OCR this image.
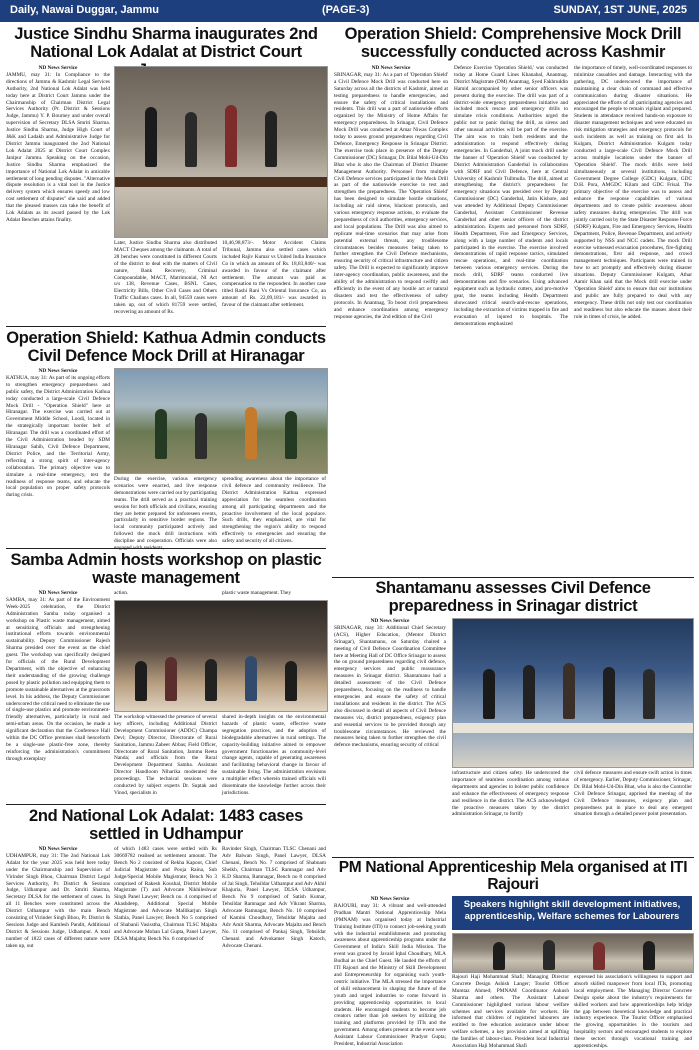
Daily, Nawai Duggar, Jammu	(PAGE-3)	SUNDAY, 1ST JUNE, 2025
Justice Sindhu Sharma inaugurates 2nd National Lok Adalat at District Court

ND News Service

JAMMU, may 31: In Compliance to the directions of Jammu & Kashmir Legal Services Authority, 2nd National Lok Adalat was held today here at District Court Jammu under the Chairmanship of Chairman District Legal Services Authority (Pr. District & Sessions Judge, Jammu) Y. P. Bourney and under overall supervision of Secretary DLSA Smriti Sharma. Justice Sindhu Sharma, Judge High Court of J&K and Ladakh and Administrative Judge for District Jammu inaugurated the 2nd National Lok Adalat 2025 at District Court Complex Janipur Jammu. Speaking on the occasion, Justice Sindhu Sharma emphasized the importance of National Lok Adalat in amicable settlement of long pending disputes. "Alternative dispute resolution is a vital tool in the Justice delivery system which ensures speedy and low cost settlement of disputes" she said and added that the pleased masses can take the benefit of Lok Adalats as its award passed by the Lok Adalat Benches attains finality.

Later, Justice Sindhu Sharma also distributed MACT Cheques among the claimants. A total of 28 benches were constituted in different Courts of the district to deal with the matters of Civil nature, Bank Recovery, Criminal Compoundable, MACT, Matrimonial, NI Act u/s 138, Revenue Cases, BSNL Cases, Electricity Bills, Other Civil Cases and Others Traffic Challans cases. In all, 94559 cases were taken up, out of which 81759 were settled, recovering an amount of Rs.

10,46,98,873/-. Motor Accident Claims Tribunal, Jammu also settled cases which included Rajiv Kumar vs United India Insurance Co in which an amount of Rs. 18,83,840/- was awarded in favour of the claimant after settlement. The amount was paid as compensation to the respondent. In another case titled Rashi Rani Vs Oriental Insurance Co, an amount of Rs. 22,09,181/- was awarded in favour of the claimant after settlement.

Operation Shield: Comprehensive Mock Drill successfully conducted across Kashmir

ND News Service

SRINAGAR, may 31: As a part of 'Operation Shield' a Civil Defence Mock Drill was conducted here on Saturday across all the districts of Kashmir, aimed at testing preparedness to handle emergencies, and ensure the safety of critical installations and residents. This drill was a part of nationwide efforts organized by the Ministry of Home Affairs for emergency preparedness. In Srinagar, Civil Defence Mock Drill was conducted at Amar Niwas Complex today to assess ground preparedness regarding Civil Defence, Emergency Response in Srinagar District. The exercise took place in presence of the Deputy Commissioner (DC) Srinagar, Dr. Bilal Mohi-Ud-Din Bhat who is also the Chairman of District Disaster Management Authority. Personnel from multiple Civil Defence services participated in the Mock Drill as part of the nationwide exercise to test and strengthen the preparedness. The 'Operation Shield' has been designed to simulate hostile situations, including air raid sirens, blackout protocols, and various emergency response actions, to evaluate the preparedness of civil authorities, emergency services, and local populations. The Drill was also aimed to replicate real-time scenarios that may arise from potential external threats, any troublesome circumstances besides measures being taken to further strengthen the Civil Defence mechanisms, ensuring security of critical infrastructure and citizen safety. The Drill is expected to significantly improve inter-agency coordination, public awareness, and the ability of the administration to respond swiftly and efficiently in the event of any hostile act or natural disasters and test the effectiveness of safety protocols. In Anantnag, To boost civil preparedness and enhance coordination among emergency response agencies, the 2nd edition of the Civil

Defence Exercise 'Operation Shield,' was conducted today at Home Guard Lines Khanabal, Anantnag. District Magistrate (DM) Anantnag, Syed Fakhruddin Hamid accompanied by other senior officers was present during the exercise. The drill was part of a district-wide emergency preparedness initiative and included mock rescue and emergency drills to simulate crisis conditions. Authorities urged the public not to panic during the drill, as sirens and other unusual activities will be part of the exercise. The aim was to train both residents and the administration to respond effectively during emergencies. In Ganderbal, A joint mock drill under the banner of 'Operation Shield' was conducted by District Administration Ganderbal in collaboration with SDRF and Civil Defence, here at Central University of Kashmir Tullmulla. The drill, aimed at strengthening the district's preparedness for emergency situations was presided over by Deputy Commissioner (DC) Ganderbal, Jatin Kishore, and was attended by Additional Deputy Commissioner Ganderbal, Assistant Commissioner Revenue Ganderbal and other senior officers of the district administration. Experts and personnel from SDRF, Health Department, Fire and Emergency Services, along with a large number of students and locals participated in the exercise. The exercise involved demonstrations of rapid response tactics, simulated rescue operations, and real-time coordination between various emergency services. During the mock drill, SDRF teams conducted live demonstrations and fire scenarios. Using advanced equipment such as hydraulic cutters, and pro-motive gear, the teams including Health Department showcased critical search-and-rescue operations, including the extraction of victims trapped in fire and evacuation of injured to hospitals. The demonstrations emphasized

the importance of timely, well-coordinated responses to minimize casualties and damage. Interacting with the gathering, DC underscored the importance of maintaining a clear chain of command and effective communication during disaster situations. He appreciated the efforts of all participating agencies and encouraged the people to remain vigilant and prepared. Students in attendance received hands-on exposure to disaster management techniques and were educated on risk mitigation strategies and emergency protocols for such incidents as well as training on first aid. In Kulgam, District Administration Kulgam today conducted a large-scale Civil Defence Mock Drill across multiple locations under the banner of 'Operation Shield'. The mock drills were held simultaneously at several institutions, including Government Degree College (GDC) Kulgam, GDC D.H. Pora, AMGDC Kilam and GDC Frisal. The primary objective of the exercise was to assess and enhance the response capabilities of various departments and to create public awareness about safety measures during emergencies. The drill was jointly carried out by the State Disaster Response Force (SDRF) Kulgam, Fire and Emergency Services, Health Department, Police, Revenue Department, and actively supported by NSS and NCC cadets. The mock Drill exercise witnessed evacuation procedures, fire-fighting demonstrations, first aid response, and crowd management techniques. Participants were trained in how to act promptly and effectively during disaster situations. Deputy Commissioner Kulgam, Athar Aamir Khan said that the Mock drill exercise under 'Operation Shield' aims to ensure that our institutions and public are fully prepared to deal with any emergency. These drills not only test our coordination and readiness but also educate the masses about their role in times of crisis, he added.

Operation Shield: Kathua Admin conducts Civil Defence Mock Drill at Hiranagar

ND News Service

KATHUA, may 31: As part of its ongoing efforts to strengthen emergency preparedness and public safety, the District Administration Kathua today conducted a large-scale Civil Defence Mock Drill - "Operation Shield" here at Hiranagar. The exercise was carried out at Government Middle School, Loodi, located in the strategically important border belt of Hiranagar. The drill was a coordinated effort of the Civil Administration headed by SDM Hiranagar Sahib, Civil Defence Department, District Police, and the Territorial Army, reflecting a strong spirit of inter-agency collaboration. The primary objective was to simulate a real-time emergency, test the readiness of response teams, and educate the local population on proper safety protocols during crisis.

During the exercise, various emergency scenarios were enacted, and live response demonstrations were carried out by participating teams. The drill served as a practical training session for both officials and civilians, ensuring they are better prepared for unforeseen events, particularly in sensitive border regions. The local community participated actively and followed the mock drill instructions with discipline and cooperation. Officials were also

spreading awareness about the importance of civil defence and community resilience. The District Administration Kathua expressed appreciation for the seamless coordination among all participating departments and the proactive involvement of the local populace. Such drills, they emphasized, are vital for strengthening the region's ability to respond effectively to emergencies and ensuring the safety and security of all citizens.

Shantamanu assesses Civil Defence preparedness in Srinagar district

ND News Service

SRINAGAR, may 31: Additional Chief Secretary (ACS), Higher Education, (Mentor District Srinagar), Shantamanu, on Saturday chaired a meeting of Civil Defence Coordination Committee here at Meeting Hall of DC Office Srinagar to assess the on ground preparedness regarding civil defence, emergency services and public reassurance measures in Srinagar district. Shantamanu had a detailed assessment of the Civil Defence preparedness, focusing on the readiness to handle emergencies and ensure the safety of critical installations and residents in the district. The ACS also discussed in detail all aspects of Civil Defence measures viz, district preparedness, exigency plan and essential services to be provided through any troublesome circumstances. He reviewed the measures being taken to further strengthen the civil defence mechanisms, ensuring security of critical

infrastructure and citizen safety. He underscored the importance of seamless coordination among various departments and agencies to bolster public confidence and enhance the effectiveness of emergency response and resilience in the district. The ACS acknowledged the proactive measures taken by the district administration Srinagar, to fortify

civil defence measures and ensure swift action in times of emergency. Earlier, Deputy Commissioner, Srinagar, Dr. Bilal Mohi-Ud-Din Bhat, who is also the Controller Civil Defence Srinagar, apprised the meeting of the Civil Defence measures, exigency plan and preparedness put in place to deal any emergent situation through a detailed power point presentation.

Samba Admin hosts workshop on plastic waste management

ND News Service

SAMBA, may 31: As part of the Environment Week-2025 celebration, the District Administration Samba today organised a workshop on Plastic waste management, aimed at sensitizing officials and strengthening institutional efforts towards environmental sustainability. Deputy Commissioner Rajesh Sharma presided over the event as the chief guest. The workshop was specifically designed for officials of the Rural Development Department, with the objective of enhancing their understanding of the growing challenge posed by plastic pollution and equipping them to promote sustainable alternatives at the grassroots level. In his address, the Deputy Commissioner underscored the critical need to eliminate the use of single-use plastics and promote environment-friendly alternatives, particularly in rural and semi-urban areas. On the occasion, he made a significant declaration that the Conference Hall within the DC Office premises shall henceforth be a single-use plastic-free zone, thereby reinforcing the administration's commitment through exemplary

action.	plastic waste management. They

The workshop witnessed the presence of several key officers, including Additional District Development Commissioner (ADDC) Champa Devi; Deputy Director, Directorate of Rural Sanitation, Jammu Zaheer Abbas; Field Officer, Directorate of Rural Sanitation, Jammu Reeta Nanda; and officials from the Rural Development Department Samba. Assistant Director Handloom Niharika moderated the proceedings. The technical sessions were conducted by subject experts Dr. Suptak and Vinod, specialists in

shared in-depth insights on the environmental hazards of plastic waste, effective waste segregation practices, and the adoption of biodegradable alternatives in rural settings. The capacity-building initiative aimed to empower government functionaries as community-level change agents, capable of generating awareness and facilitating behavioral change in favour of sustainable living. The administration envisions a multiplier effect wherein trained officials will disseminate the knowledge further across their jurisdictions.

2nd National Lok Adalat: 1483 cases settled in Udhampur

ND News Service

UDHAMPUR, may 31: The 2nd National Lok Adalat for the year 2025 was held here today under the Chairmanship and Supervision of Virinder Singh Bhou, Chairman District Legal Services Authority, Pr. District & Sessions Judge, Udhampur and Dr. Smriti Sharma, Secretary DLSA for the settlement of cases. In all 11 Benches were constituted across the District Udhampur with the main Bench consisting of Virinder Singh Bhou, Pr. District & Sessions Judge and Kamlesh Pandit, Additional District & Sessions Judge, Udhampur. A total number of 1822 cases of different nature were taken up, out

of which 1483 cases were settled with Rs 30669782 realised as settlement amount. The Bench No 2 consisted of Rekha Kapoor, Chief Judicial Magistrate and Pooja Raina, Sub Judge/Special Mobile Magistrate; Bench No 3 comprised of Rakesh Koushal, District Mobile Magistrate (T) and Advocate Nikhileshwar Singh Panel Lawyer; Bench no. 4 comprised of Akashdeep, Additional Special Mobile Magistrate and Advocate Mallikarjun Singh Slathia, Panel Lawyer; Bench No 5 comprised of Shabanii Vasisstha, Chairman TLSC Majalta and Advocate Mohan Lal Gupta, Panel Lawyer, DLSA Majalta; Bench No. 6 comprised of

Ravinder Singh, Chairman TLSC Chenani and Adv Balwan Singh, Panel Lawyer, DLSA Chenani, Bench No. 7 comprised of Shabnam Sheikh, Chairman TLSC Ramnagar and Adv K.D Sharma, Ramnagar, Bench no 8 comprised of Jai Singh, Tehsildar Udhampur and Adv Akhil Khajuria, Panel Lawyer, DLSA Udhampur, Bench No 9 comprised of Satish Kumar, Tehsildar Ramnagar and Adv Vikrant Sharma, Advocate Ramnagar, Bench No. 10 comprised of Kamini Choudhary, Tehsildar Majalta and Adv Amit Sharma, Advocate Majalta and Bench No. 11 comprised of Pankaj Singh, Tehsildar Chenani and Advokamer Singh Katoch, Advocate Chenani.

PM National Apprenticeship Mela organised at ITI Rajouri

ND News Service

RAJOURI, may 31: A vibrant and well-attended Pradhan Mantri National Apprenticeship Mela (PMNAM) was organised today at Industrial Training Institute (ITI) to connect job-seeking youth with the industrial establishments and promoting awareness about apprenticeship programs under the Government of India's Skill India Mission. The event was graced by Javaid Iqbal Choudhary, MLA Budhal as the Chief Guest. He lauded the efforts of ITI Rajouri and the Ministry of Skill Development and Entrepreneurship for organising such youth-centric initiative. The MLA stressed the importance of skill enhancement in shaping the future of the youth and urged industries to come forward in providing apprenticeship opportunities to local students. He encouraged students to become job creators rather than job seekers by utilizing the training and platforms provided by ITIs and the government. Among others present at the event were Assistant Labour Commissioner Pradyot Gupta; President, Industrial Association

Speakers highlight skill development initiatives, apprenticeship, Welfare schemes for Labourers

Rajouri Haji Mohammad Shafi; Managing Director Concrete Design Ashish Langer; Tourist Officer Mumtaz Ahmed; PMNAM Coordinator Ankush Sharma and others. The Assistant Labour Commissioner highlighted various labour welfare schemes and services available for workers. He informed that children of registered labourers are entitled to free education assistance under labour welfare schemes, a key provision aimed at uplifting the families of labour-class. President local Industrial Association Haji Mohammad Shafi

expressed his association's willingness to support and absorb skilled manpower from local ITIs, promoting local employment. The Managing Director Concrete Design spoke about the industry's requirements for skilled workers and how apprenticeships help bridge the gap between theoretical knowledge and practical industry experience. The Tourist Officer emphasised the growing opportunities in the tourism and hospitality sectors and encouraged students to explore these sectors through vocational training and apprenticeships.
